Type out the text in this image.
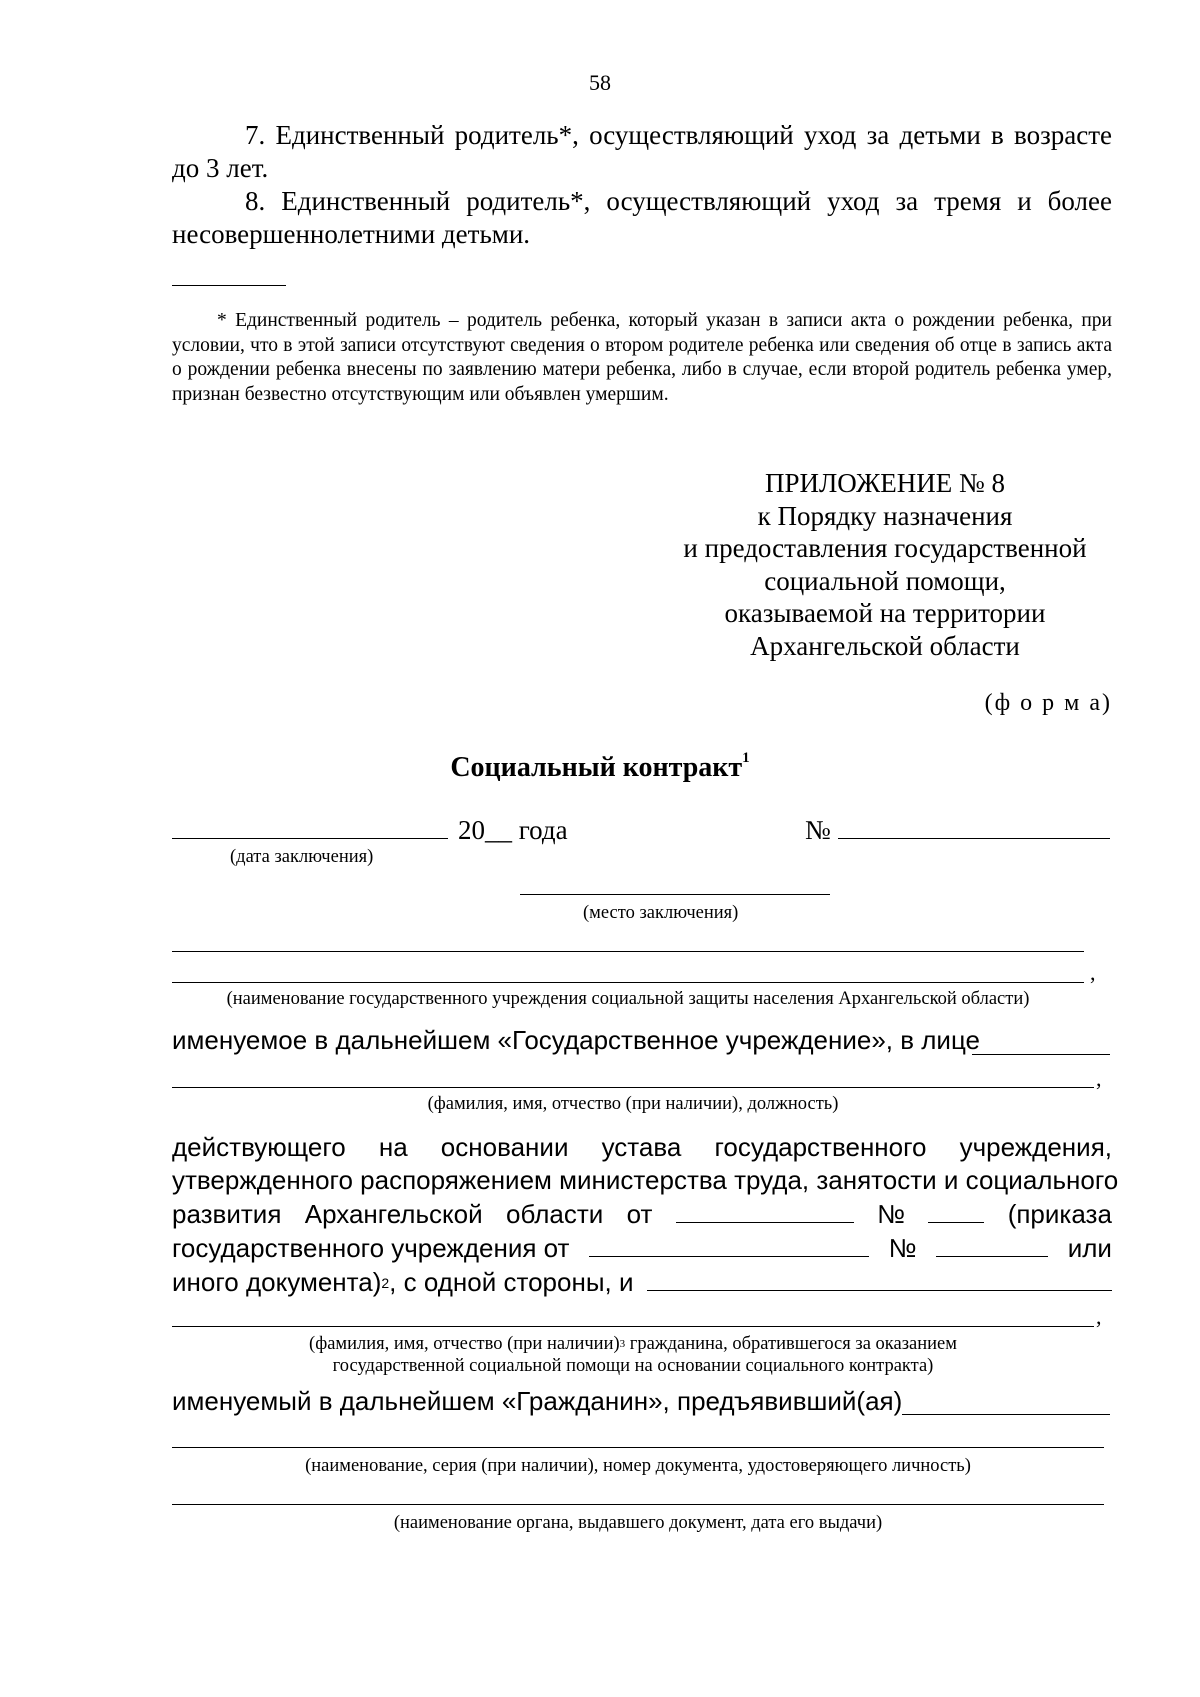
58

7. Единственный родитель*, осуществляющий уход за детьми в возрасте до 3 лет.

8. Единственный родитель*, осуществляющий уход за тремя и более несовершеннолетними детьми.

* Единственный родитель – родитель ребенка, который указан в записи акта о рождении ребенка, при условии, что в этой записи отсутствуют сведения о втором родителе ребенка или сведения об отце в запись акта о рождении ребенка внесены по заявлению матери ребенка, либо в случае, если второй родитель ребенка умер, признан безвестно отсутствующим или объявлен умершим.

ПРИЛОЖЕНИЕ № 8
к Порядку назначения
и предоставления государственной
социальной помощи,
оказываемой на территории
Архангельской области
(ф о р м а)
Социальный контракт$^1$
20__ года	№
(дата заключения)
(место заключения)
,
(наименование государственного учреждения социальной защиты населения Архангельской области)
именуемое в дальнейшем «Государственное учреждение», в лице
,
(фамилия, имя, отчество (при наличии), должность)
действующего на основании устава государственного учреждения,
утвержденного распоряжением министерства труда, занятости и социального
развития Архангельской области от	№	(приказа
государственного учреждения от	№	или
иного документа)$^2$ , с одной стороны, и
,
(фамилия, имя, отчество (при наличии)$^3$ гражданина, обратившегося за оказанием
государственной социальной помощи на основании социального контракта)
именуемый в дальнейшем «Гражданин», предъявивший(ая)
(наименование, серия (при наличии), номер документа, удостоверяющего личность)
(наименование органа, выдавшего документ, дата его выдачи)
